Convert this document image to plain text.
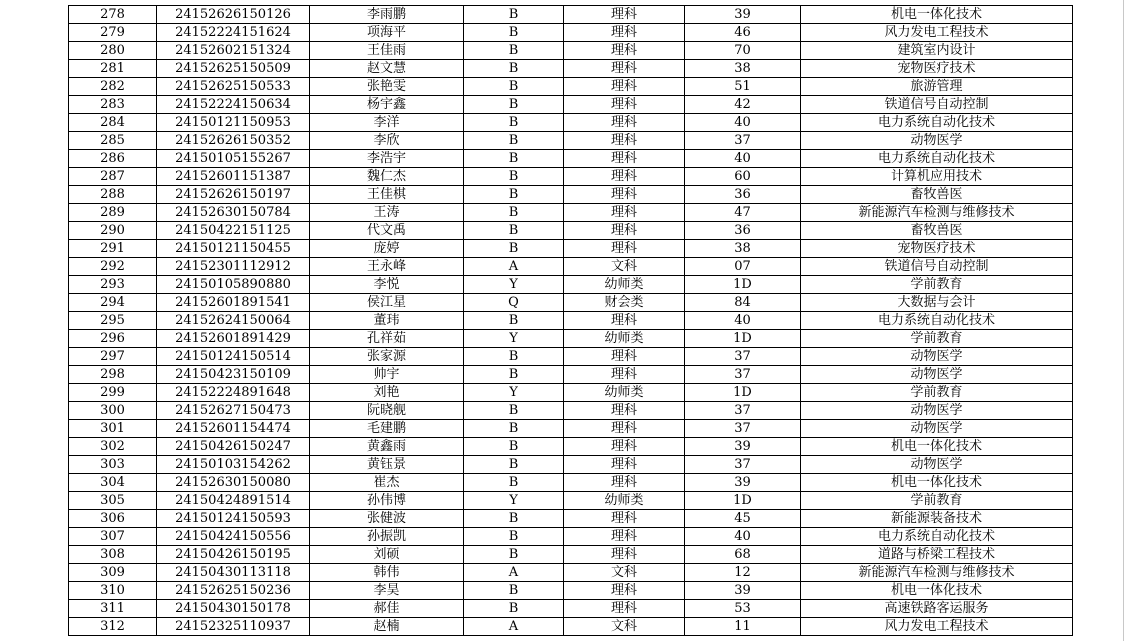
278	24152626150126	李雨鹏	B	理科	39	机电一体化技术
279	24152224151624	项海平	B	理科	46	风力发电工程技术
280	24152602151324	王佳雨	B	理科	70	建筑室内设计
281	24152625150509	赵文慧	B	理科	38	宠物医疗技术
282	24152625150533	张艳雯	B	理科	51	旅游管理
283	24152224150634	杨宇鑫	B	理科	42	铁道信号自动控制
284	24150121150953	李洋	B	理科	40	电力系统自动化技术
285	24152626150352	李欣	B	理科	37	动物医学
286	24150105155267	李浩宇	B	理科	40	电力系统自动化技术
287	24152601151387	魏仁杰	B	理科	60	计算机应用技术
288	24152626150197	王佳棋	B	理科	36	畜牧兽医
289	24152630150784	王涛	B	理科	47	新能源汽车检测与维修技术
290	24150422151125	代文禹	B	理科	36	畜牧兽医
291	24150121150455	庞婷	B	理科	38	宠物医疗技术
292	24152301112912	王永峰	A	文科	07	铁道信号自动控制
293	24150105890880	李悦	Y	幼师类	1D	学前教育
294	24152601891541	侯江星	Q	财会类	84	大数据与会计
295	24152624150064	董玮	B	理科	40	电力系统自动化技术
296	24152601891429	孔祥茹	Y	幼师类	1D	学前教育
297	24150124150514	张家源	B	理科	37	动物医学
298	24150423150109	帅宇	B	理科	37	动物医学
299	24152224891648	刘艳	Y	幼师类	1D	学前教育
300	24152627150473	阮晓舰	B	理科	37	动物医学
301	24152601154474	毛建鹏	B	理科	37	动物医学
302	24150426150247	黄鑫雨	B	理科	39	机电一体化技术
303	24150103154262	黄钰景	B	理科	37	动物医学
304	24152630150080	崔杰	B	理科	39	机电一体化技术
305	24150424891514	孙伟博	Y	幼师类	1D	学前教育
306	24150124150593	张健波	B	理科	45	新能源装备技术
307	24150424150556	孙振凯	B	理科	40	电力系统自动化技术
308	24150426150195	刘硕	B	理科	68	道路与桥梁工程技术
309	24150430113118	韩伟	A	文科	12	新能源汽车检测与维修技术
310	24152625150236	李昊	B	理科	39	机电一体化技术
311	24150430150178	郝佳	B	理科	53	高速铁路客运服务
312	24152325110937	赵楠	A	文科	11	风力发电工程技术
